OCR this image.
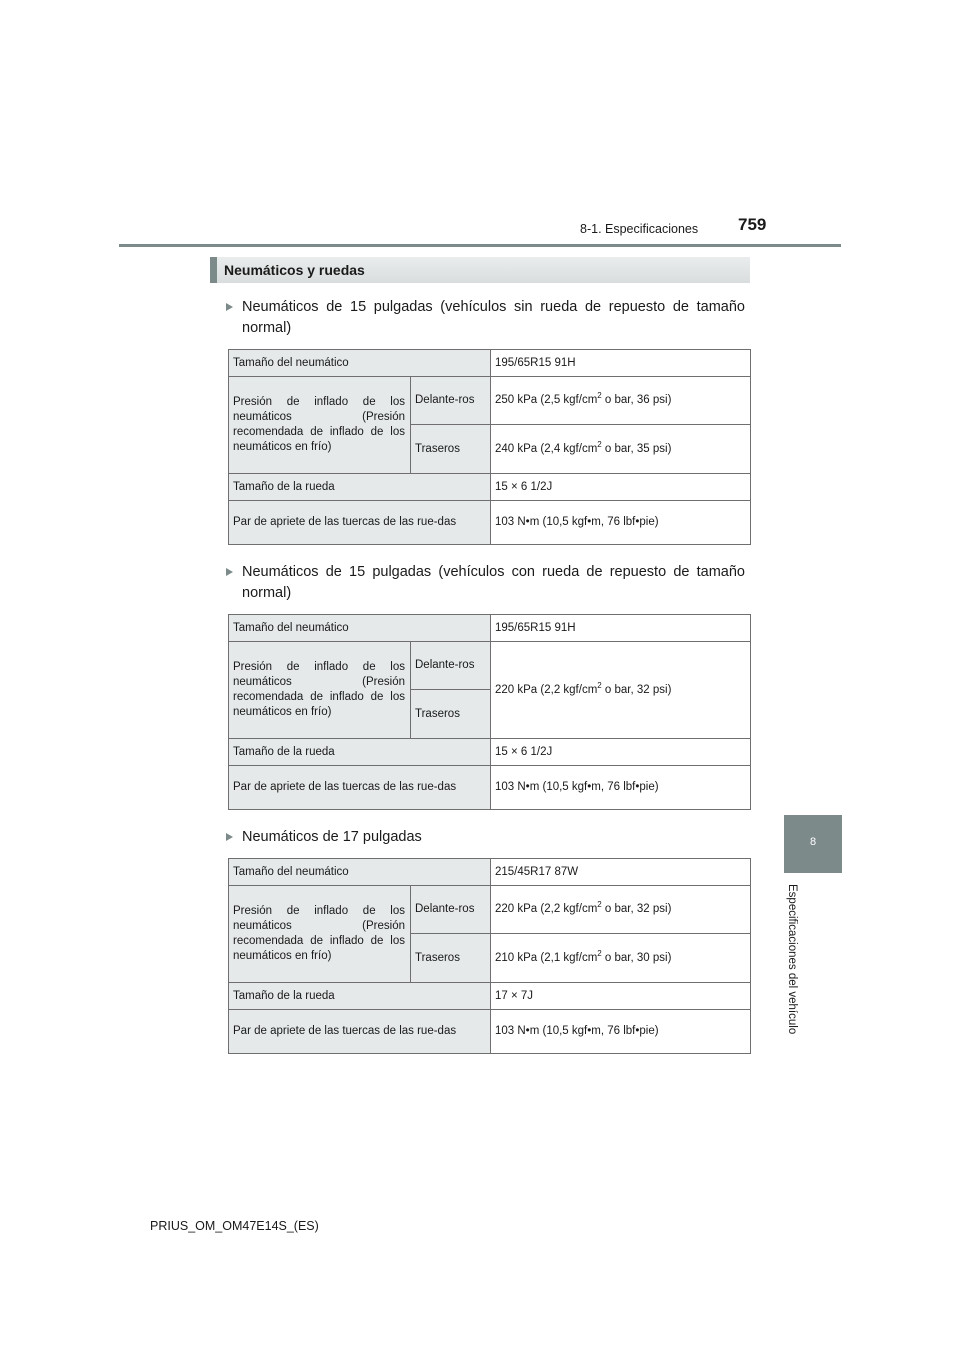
8-1. Especificaciones 759
Neumáticos y ruedas
Neumáticos de 15 pulgadas (vehículos sin rueda de repuesto de tamaño normal)
Tamaño del neumático		195/65R15 91H
Presión de inflado de los neumáticos (Presión recomendada de inflado de los neumáticos en frío)	Delante-ros	250 kPa (2,5 kgf/$cm^2$ o bar, 36 psi)
	Traseros	240 kPa (2,4 kgf/$cm^2$ o bar, 35 psi)
Tamaño de la rueda		15 × 6 1/2J
Par de apriete de las tuercas de las rue-das		103 N•m (10,5 kgf•m, 76 lbf•pie)
Neumáticos de 15 pulgadas (vehículos con rueda de repuesto de tamaño normal)
Tamaño del neumático		195/65R15 91H
Presión de inflado de los neumáticos (Presión recomendada de inflado de los neumáticos en frío)	Delante-ros	220 kPa (2,2 kgf/$cm^2$ o bar, 32 psi)
	Traseros	
Tamaño de la rueda		15 × 6 1/2J
Par de apriete de las tuercas de las rue-das		103 N•m (10,5 kgf•m, 76 lbf•pie)
Neumáticos de 17 pulgadas
Tamaño del neumático		215/45R17 87W
Presión de inflado de los neumáticos (Presión recomendada de inflado de los neumáticos en frío)	Delante-ros	220 kPa (2,2 kgf/$cm^2$ o bar, 32 psi)
	Traseros	210 kPa (2,1 kgf/$cm^2$ o bar, 30 psi)
Tamaño de la rueda		17 × 7J
Par de apriete de las tuercas de las rue-das		103 N•m (10,5 kgf•m, 76 lbf•pie)
8
Especificaciones del vehículo
PRIUS_OM_OM47E14S_(ES)
